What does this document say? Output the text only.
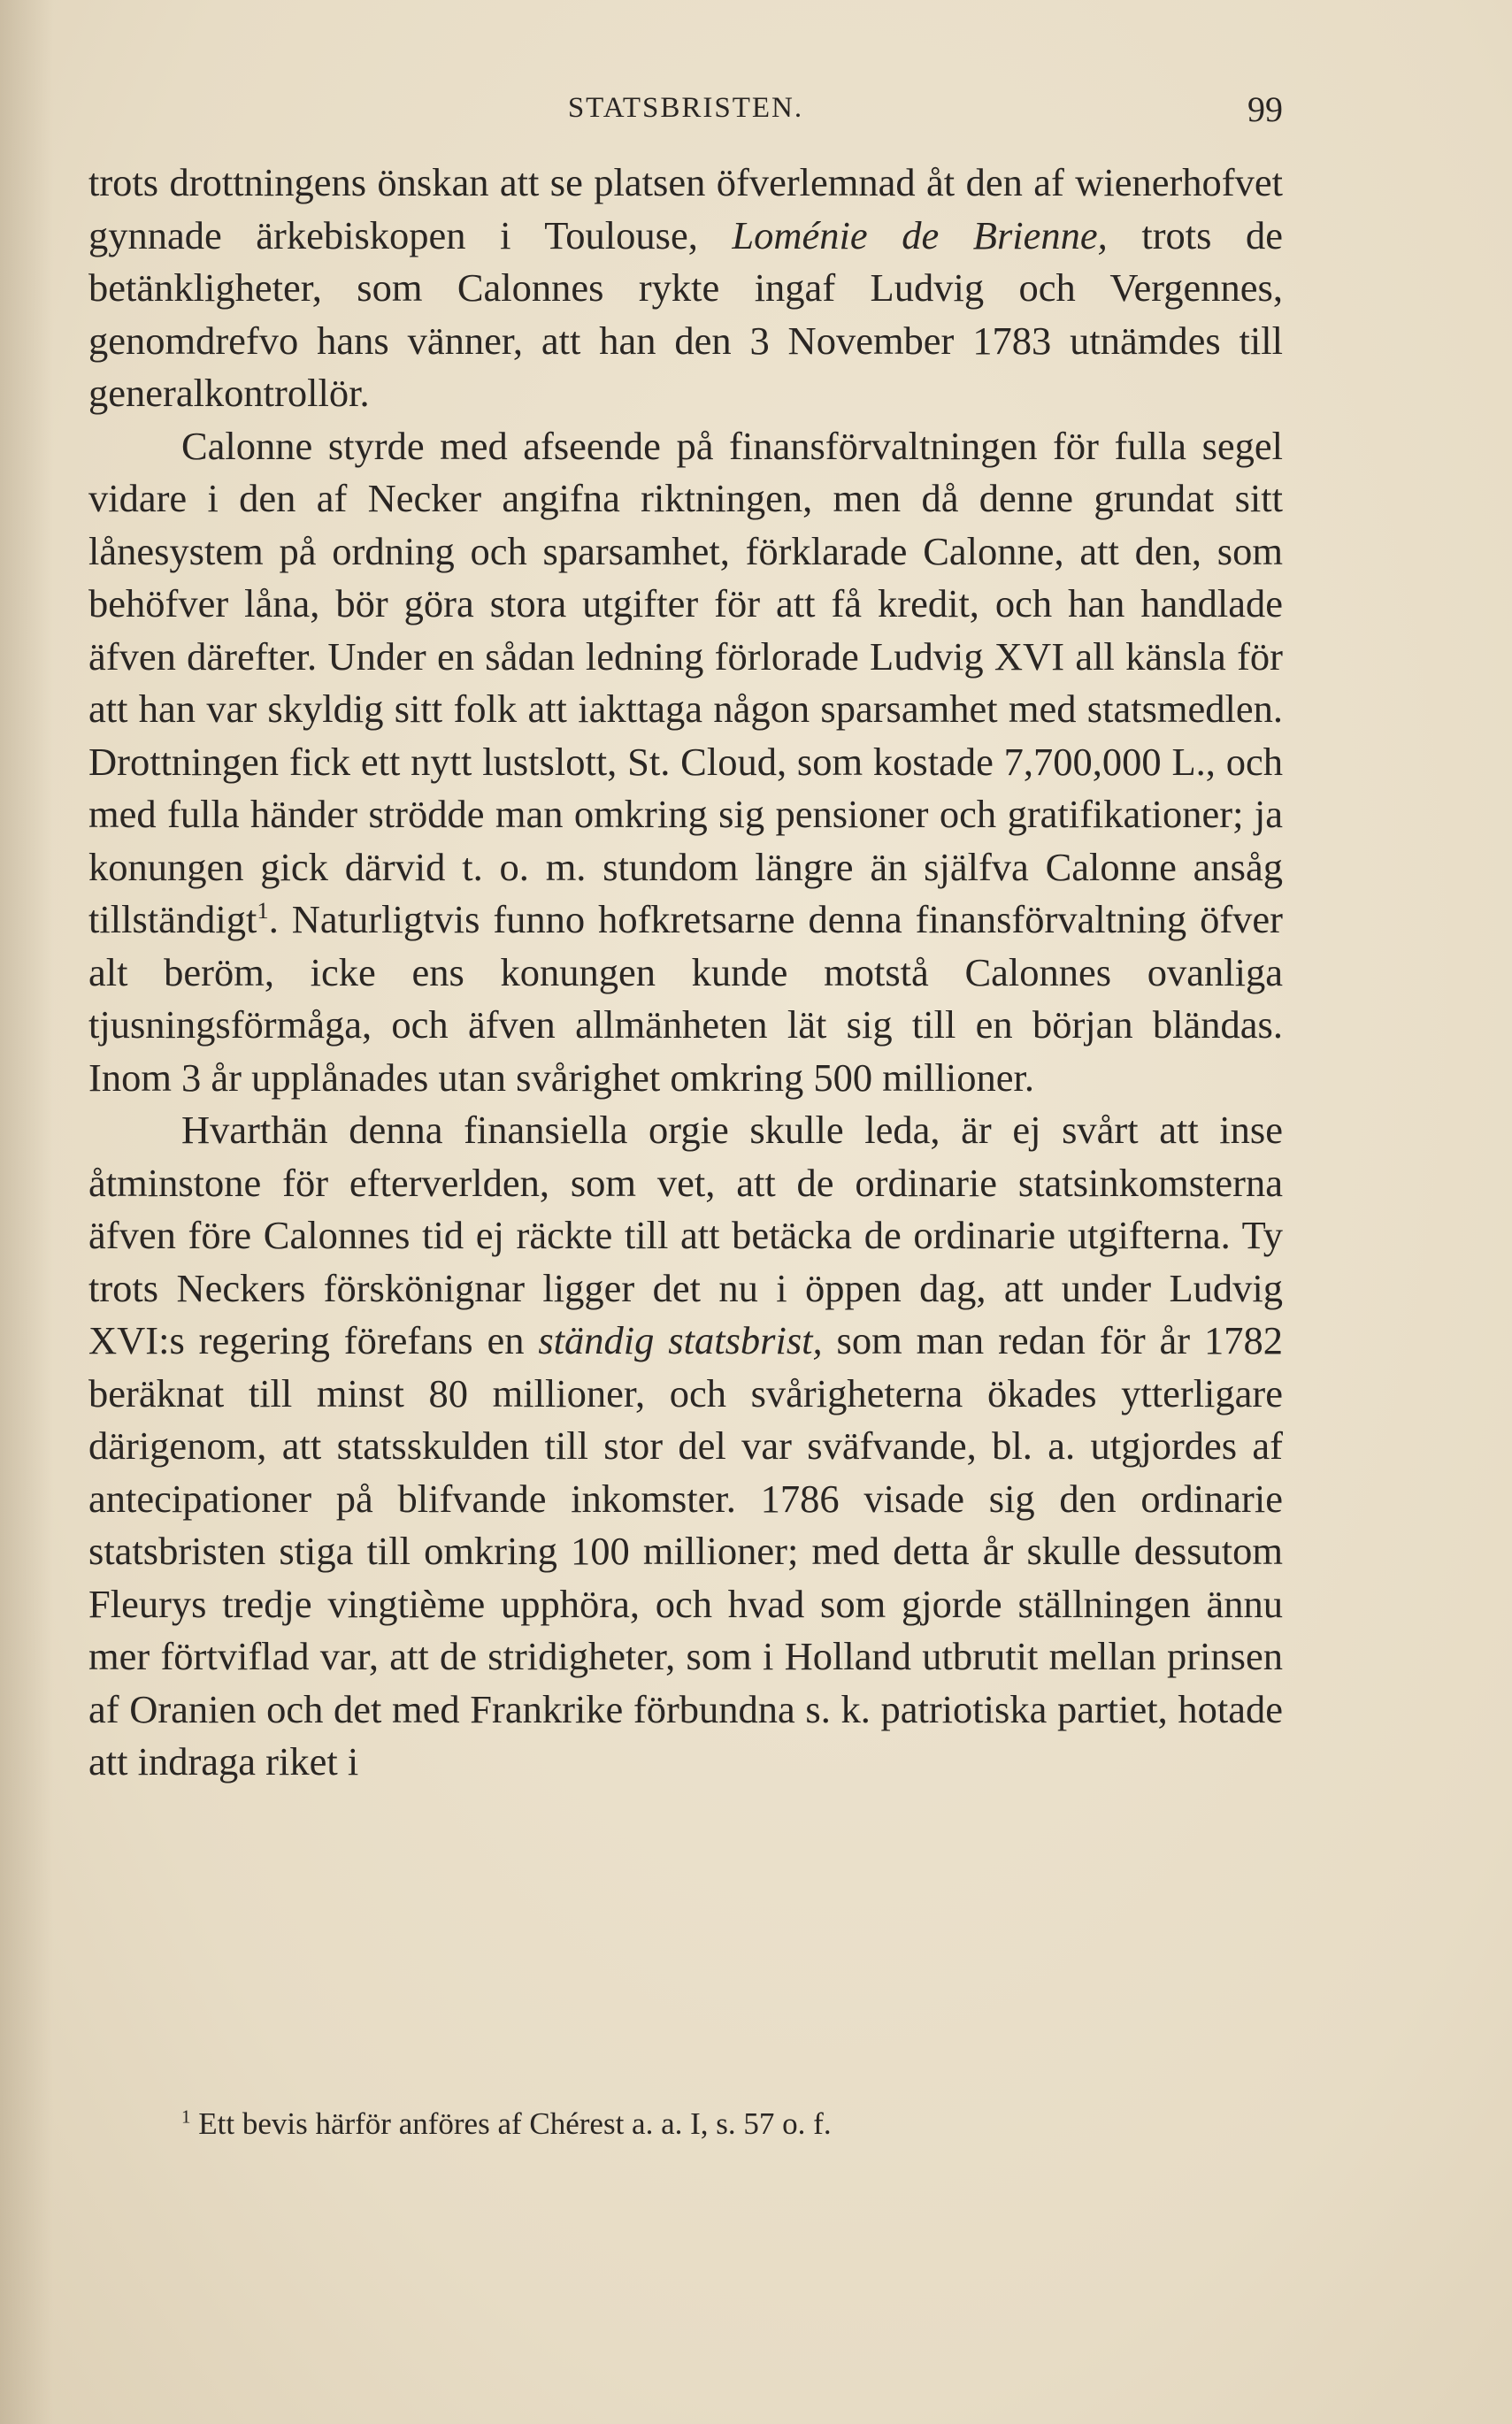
STATSBRISTEN.	99

trots drottningens önskan att se platsen öfverlemnad åt den af wienerhofvet gynnade ärkebiskopen i Toulouse, Loménie de Brienne, trots de betänkligheter, som Calonnes rykte ingaf Ludvig och Vergennes, genomdrefvo hans vänner, att han den 3 November 1783 utnämdes till generalkontrollör.

Calonne styrde med afseende på finansförvaltningen för fulla segel vidare i den af Necker angifna riktningen, men då denne grundat sitt lånesystem på ordning och sparsamhet, förklarade Calonne, att den, som behöfver låna, bör göra stora utgifter för att få kredit, och han handlade äfven därefter. Under en sådan ledning förlorade Ludvig XVI all känsla för att han var skyldig sitt folk att iakttaga någon sparsamhet med statsmedlen. Drottningen fick ett nytt lustslott, St. Cloud, som kostade 7,700,000 L., och med fulla händer strödde man omkring sig pensioner och gratifikationer; ja konungen gick därvid t. o. m. stundom längre än själfva Calonne ansåg tillständigt$^1$. Naturligtvis funno hofkretsarne denna finansförvaltning öfver alt beröm, icke ens konungen kunde motstå Calonnes ovanliga tjusningsförmåga, och äfven allmänheten lät sig till en början bländas. Inom 3 år upplånades utan svårighet omkring 500 millioner.

Hvarthän denna finansiella orgie skulle leda, är ej svårt att inse åtminstone för efterverlden, som vet, att de ordinarie statsinkomsterna äfven före Calonnes tid ej räckte till att betäcka de ordinarie utgifterna. Ty trots Neckers förskönignar ligger det nu i öppen dag, att under Ludvig XVI:s regering förefans en ständig statsbrist, som man redan för år 1782 beräknat till minst 80 millioner, och svårigheterna ökades ytterligare därigenom, att statsskulden till stor del var sväfvande, bl. a. utgjordes af antecipationer på blifvande inkomster. 1786 visade sig den ordinarie statsbristen stiga till omkring 100 millioner; med detta år skulle dessutom Fleurys tredje vingtième upphöra, och hvad som gjorde ställningen ännu mer förtviflad var, att de stridigheter, som i Holland utbrutit mellan prinsen af Oranien och det med Frankrike förbundna s. k. patriotiska partiet, hotade att indraga riket i

$^1$ Ett bevis härför anföres af Chérest a. a. I, s. 57 o. f.
